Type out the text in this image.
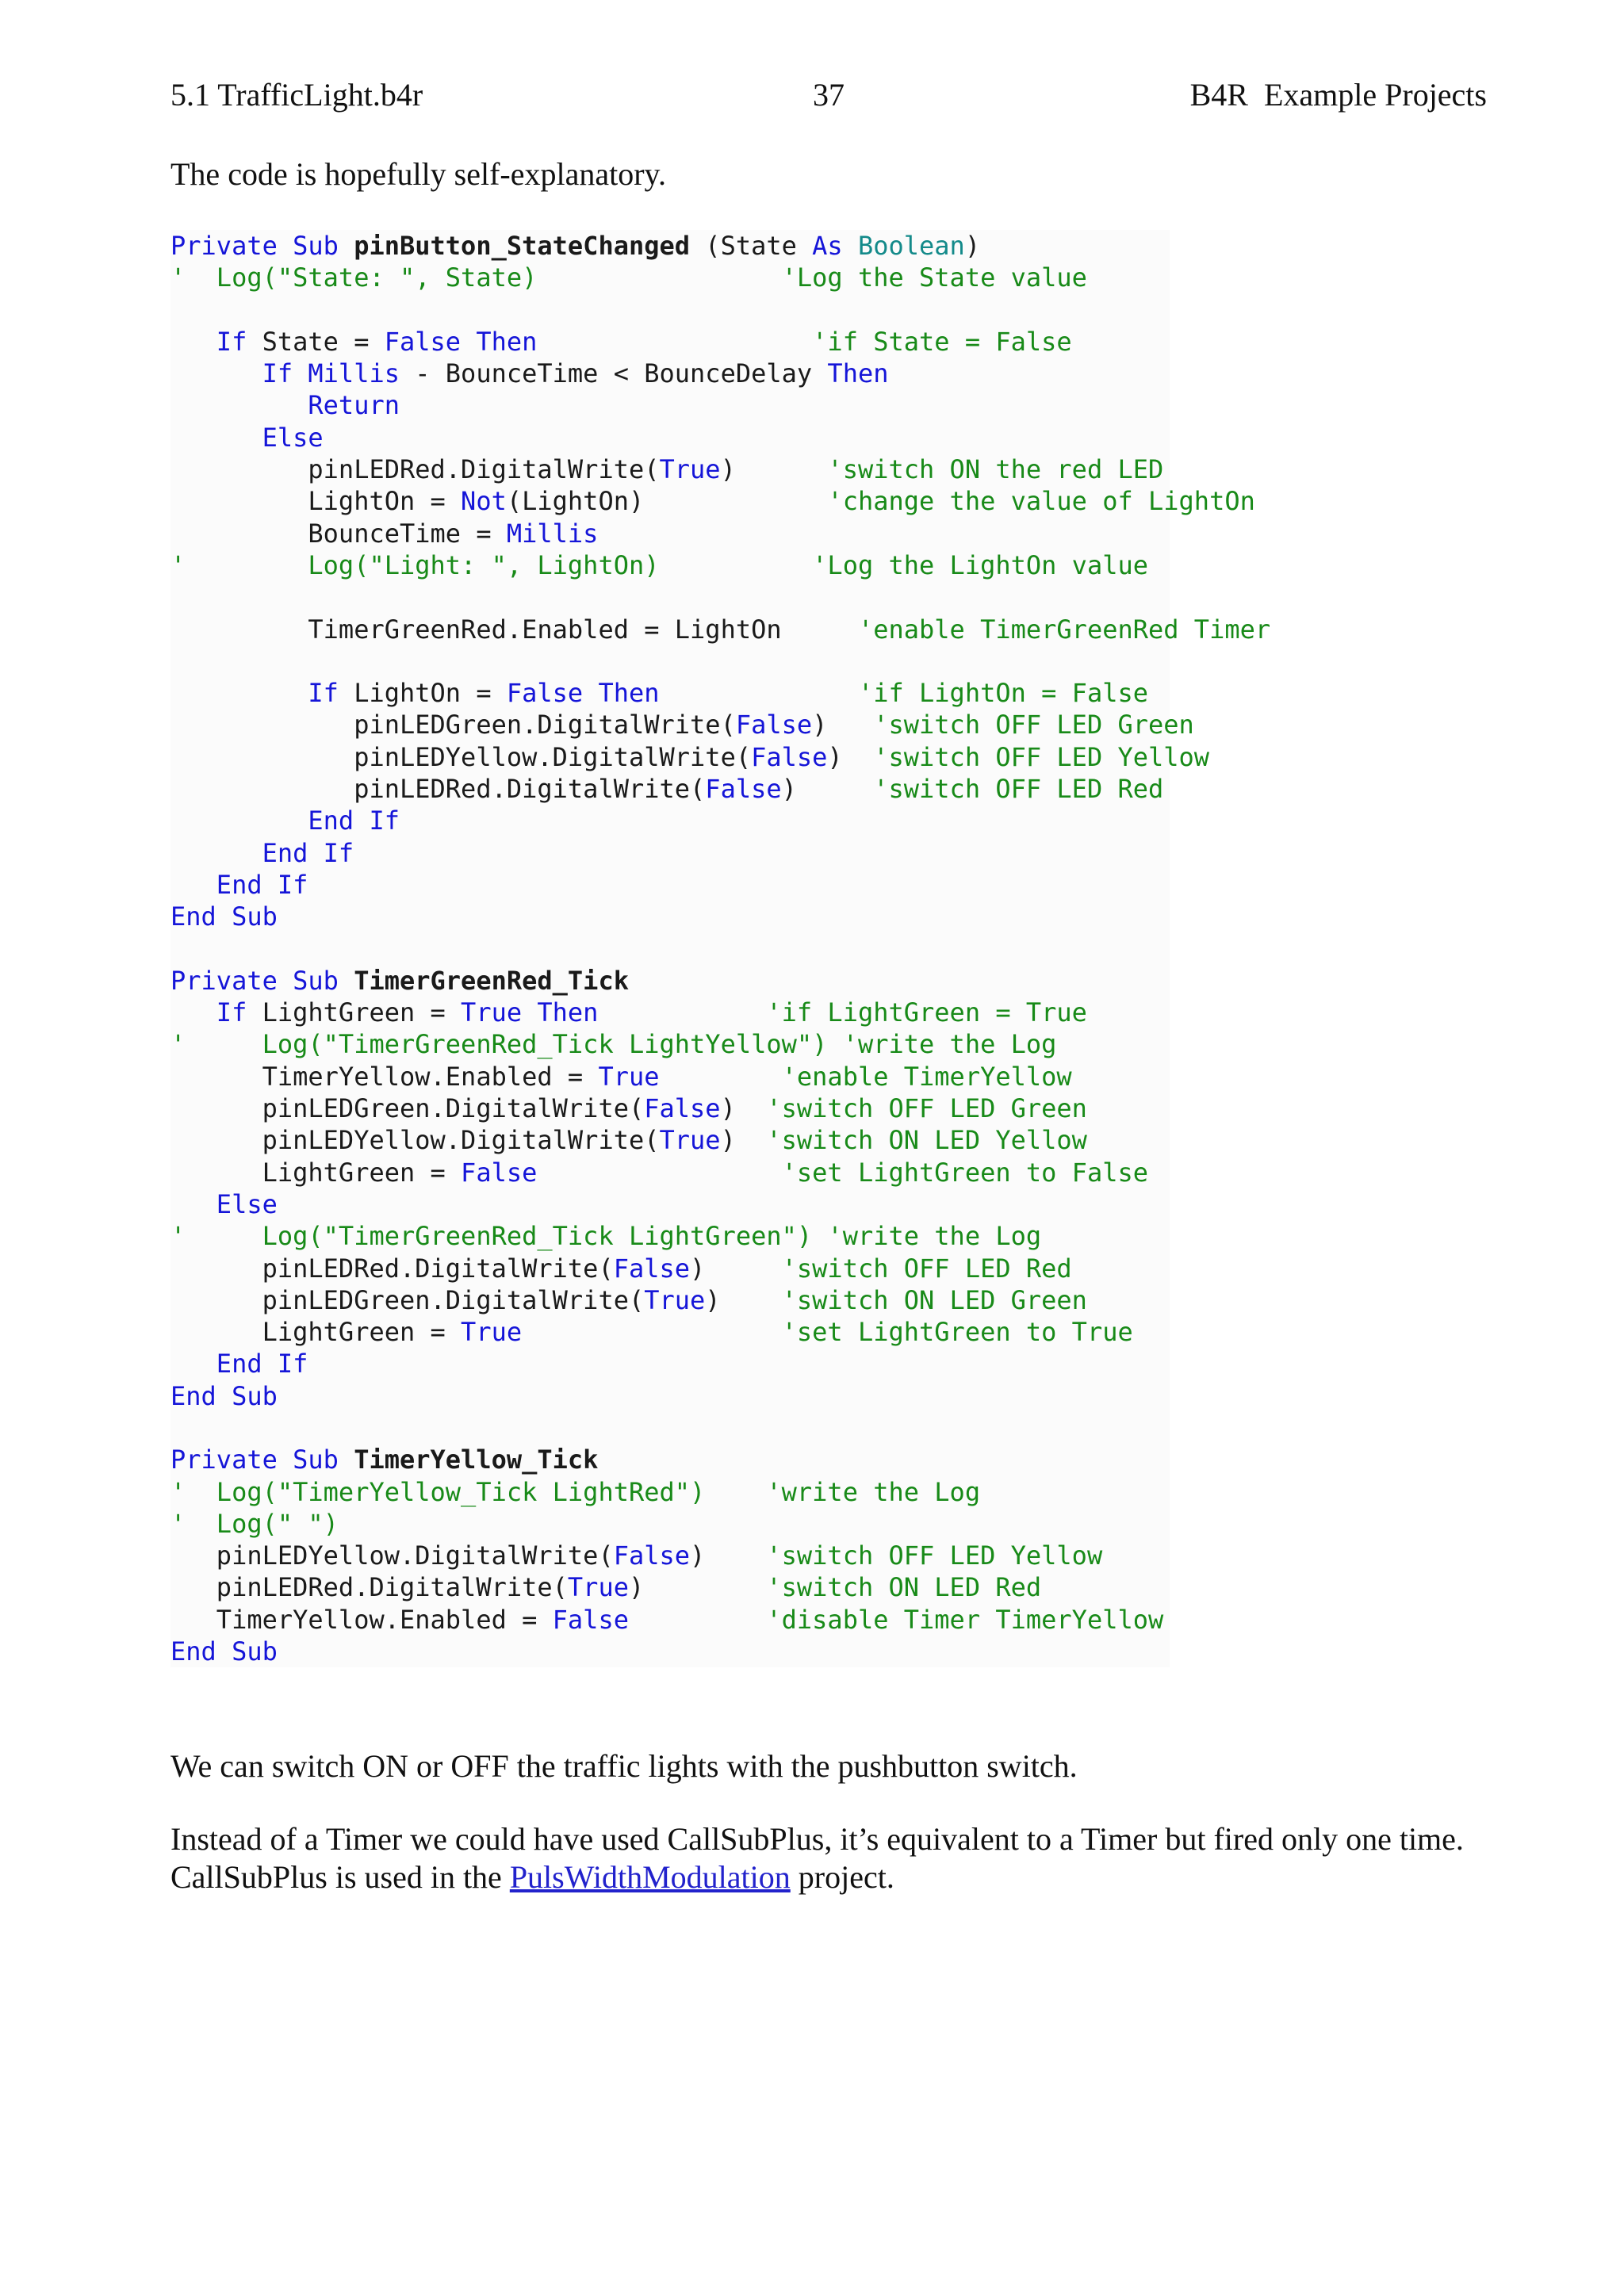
5.1 TrafficLight.b4r	37	B4R  Example Projects
The code is hopefully self-explanatory.
Private Sub pinButton_StateChanged (State As Boolean)
'  Log("State: ", State)                'Log the State value

If State = False Then	'if State = False
If Millis - BounceTime < BounceDelay Then
Return
Else
pinLEDRed.DigitalWrite(True)      'switch ON the red LED
LightOn = Not(LightOn)            'change the value of LightOn
BounceTime = Millis
'        Log("Light: ", LightOn)          'Log the LightOn value

TimerGreenRed.Enabled = LightOn     'enable TimerGreenRed Timer

If LightOn = False Then	'if LightOn = False
pinLEDGreen.DigitalWrite(False)   'switch OFF LED Green
pinLEDYellow.DigitalWrite(False)  'switch OFF LED Yellow
pinLEDRed.DigitalWrite(False)     'switch OFF LED Red
End If
End If
End If
End Sub

Private Sub TimerGreenRed_Tick
If LightGreen = True Then	'if LightGreen = True
'     Log("TimerGreenRed_Tick LightYellow") 'write the Log
TimerYellow.Enabled = True	'enable TimerYellow
pinLEDGreen.DigitalWrite(False)  'switch OFF LED Green
pinLEDYellow.DigitalWrite(True)  'switch ON LED Yellow
LightGreen = False	'set LightGreen to False
Else
'     Log("TimerGreenRed_Tick LightGreen") 'write the Log
pinLEDRed.DigitalWrite(False)     'switch OFF LED Red
pinLEDGreen.DigitalWrite(True)    'switch ON LED Green
LightGreen = True	'set LightGreen to True
End If
End Sub

Private Sub TimerYellow_Tick
'  Log("TimerYellow_Tick LightRed")    'write the Log
'  Log(" ")
pinLEDYellow.DigitalWrite(False)    'switch OFF LED Yellow
pinLEDRed.DigitalWrite(True)        'switch ON LED Red
TimerYellow.Enabled = False	'disable Timer TimerYellow
End Sub
We can switch ON or OFF the traffic lights with the pushbutton switch.
Instead of a Timer we could have used CallSubPlus, it’s equivalent to a Timer but fired only one time. CallSubPlus is used in the PulsWidthModulation project.
